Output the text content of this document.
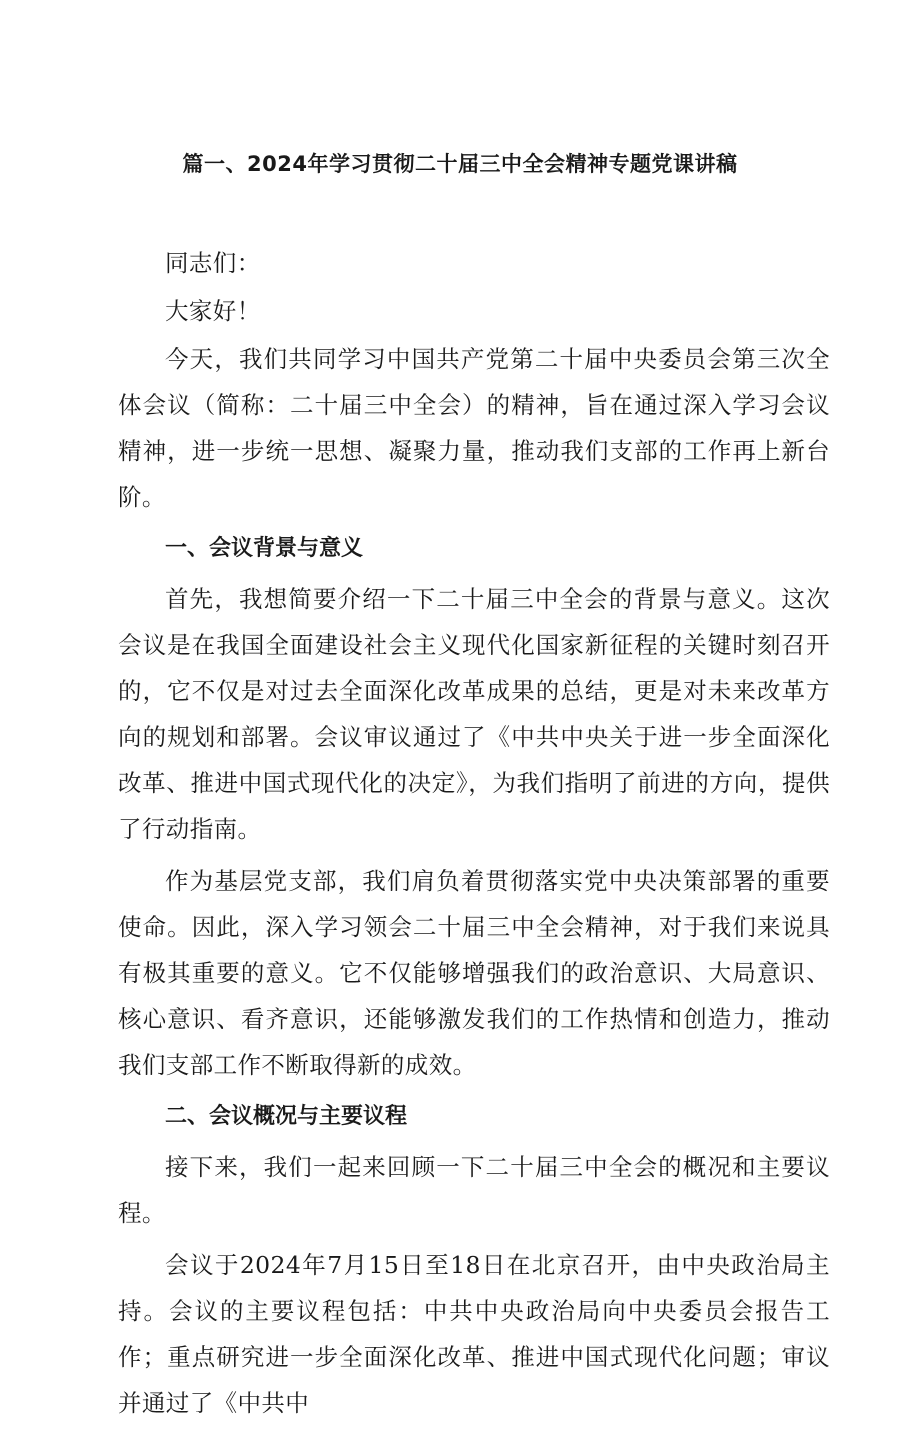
篇一、2024年学习贯彻二十届三中全会精神专题党课讲稿

同志们：

大家好！

今天，我们共同学习中国共产党第二十届中央委员会第三次全体会议（简称：二十届三中全会）的精神，旨在通过深入学习会议精神，进一步统一思想、凝聚力量，推动我们支部的工作再上新台阶。

一、会议背景与意义

首先，我想简要介绍一下二十届三中全会的背景与意义。这次会议是在我国全面建设社会主义现代化国家新征程的关键时刻召开的，它不仅是对过去全面深化改革成果的总结，更是对未来改革方向的规划和部署。会议审议通过了《中共中央关于进一步全面深化改革、推进中国式现代化的决定》，为我们指明了前进的方向，提供了行动指南。

作为基层党支部，我们肩负着贯彻落实党中央决策部署的重要使命。因此，深入学习领会二十届三中全会精神，对于我们来说具有极其重要的意义。它不仅能够增强我们的政治意识、大局意识、核心意识、看齐意识，还能够激发我们的工作热情和创造力，推动我们支部工作不断取得新的成效。

二、会议概况与主要议程

接下来，我们一起来回顾一下二十届三中全会的概况和主要议程。

会议于2024年7月15日至18日在北京召开，由中央政治局主持。会议的主要议程包括：中共中央政治局向中央委员会报告工作；重点研究进一步全面深化改革、推进中国式现代化问题；审议并通过了《中共中
